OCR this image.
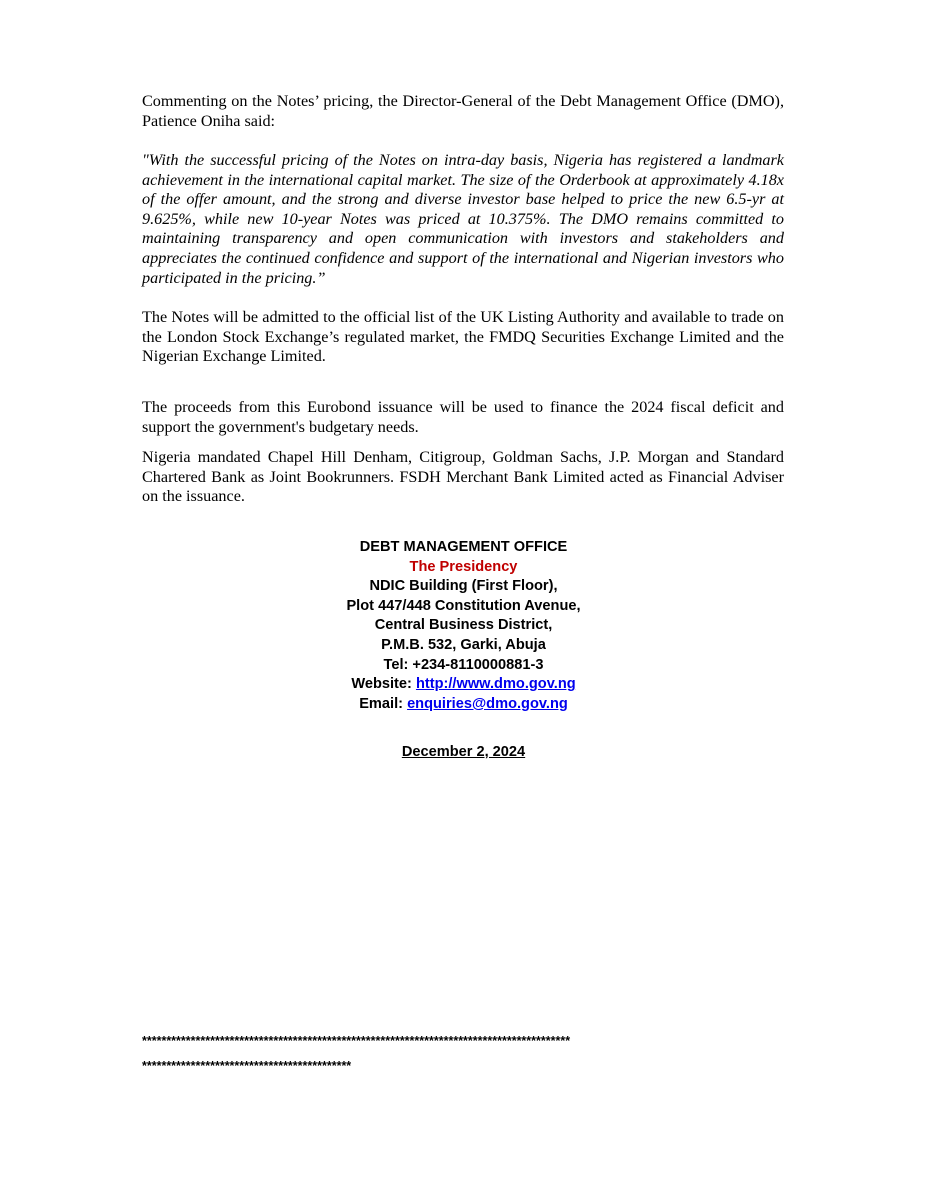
Commenting on the Notes’ pricing, the Director-General of the Debt Management Office (DMO), Patience Oniha said:

"With the successful pricing of the Notes on intra-day basis, Nigeria has registered a landmark achievement in the international capital market. The size of the Orderbook at approximately 4.18x of the offer amount, and the strong and diverse investor base helped to price the new 6.5-yr at 9.625%, while new 10-year Notes was priced at 10.375%. The DMO remains committed to maintaining transparency and open communication with investors and stakeholders and appreciates the continued confidence and support of the international and Nigerian investors who participated in the pricing.”

The Notes will be admitted to the official list of the UK Listing Authority and available to trade on the London Stock Exchange’s regulated market, the FMDQ Securities Exchange Limited and the Nigerian Exchange Limited.

The proceeds from this Eurobond issuance will be used to finance the 2024 fiscal deficit and support the government's budgetary needs.

Nigeria mandated Chapel Hill Denham, Citigroup, Goldman Sachs, J.P. Morgan and Standard Chartered Bank as Joint Bookrunners. FSDH Merchant Bank Limited acted as Financial Adviser on the issuance.

DEBT MANAGEMENT OFFICE
The Presidency
NDIC Building (First Floor),
Plot 447/448 Constitution Avenue,
Central Business District,
P.M.B. 532, Garki, Abuja
Tel: +234-8110000881-3
Website: http://www.dmo.gov.ng
Email: enquiries@dmo.gov.ng
December 2, 2024
****************************************************************************************
*******************************************
